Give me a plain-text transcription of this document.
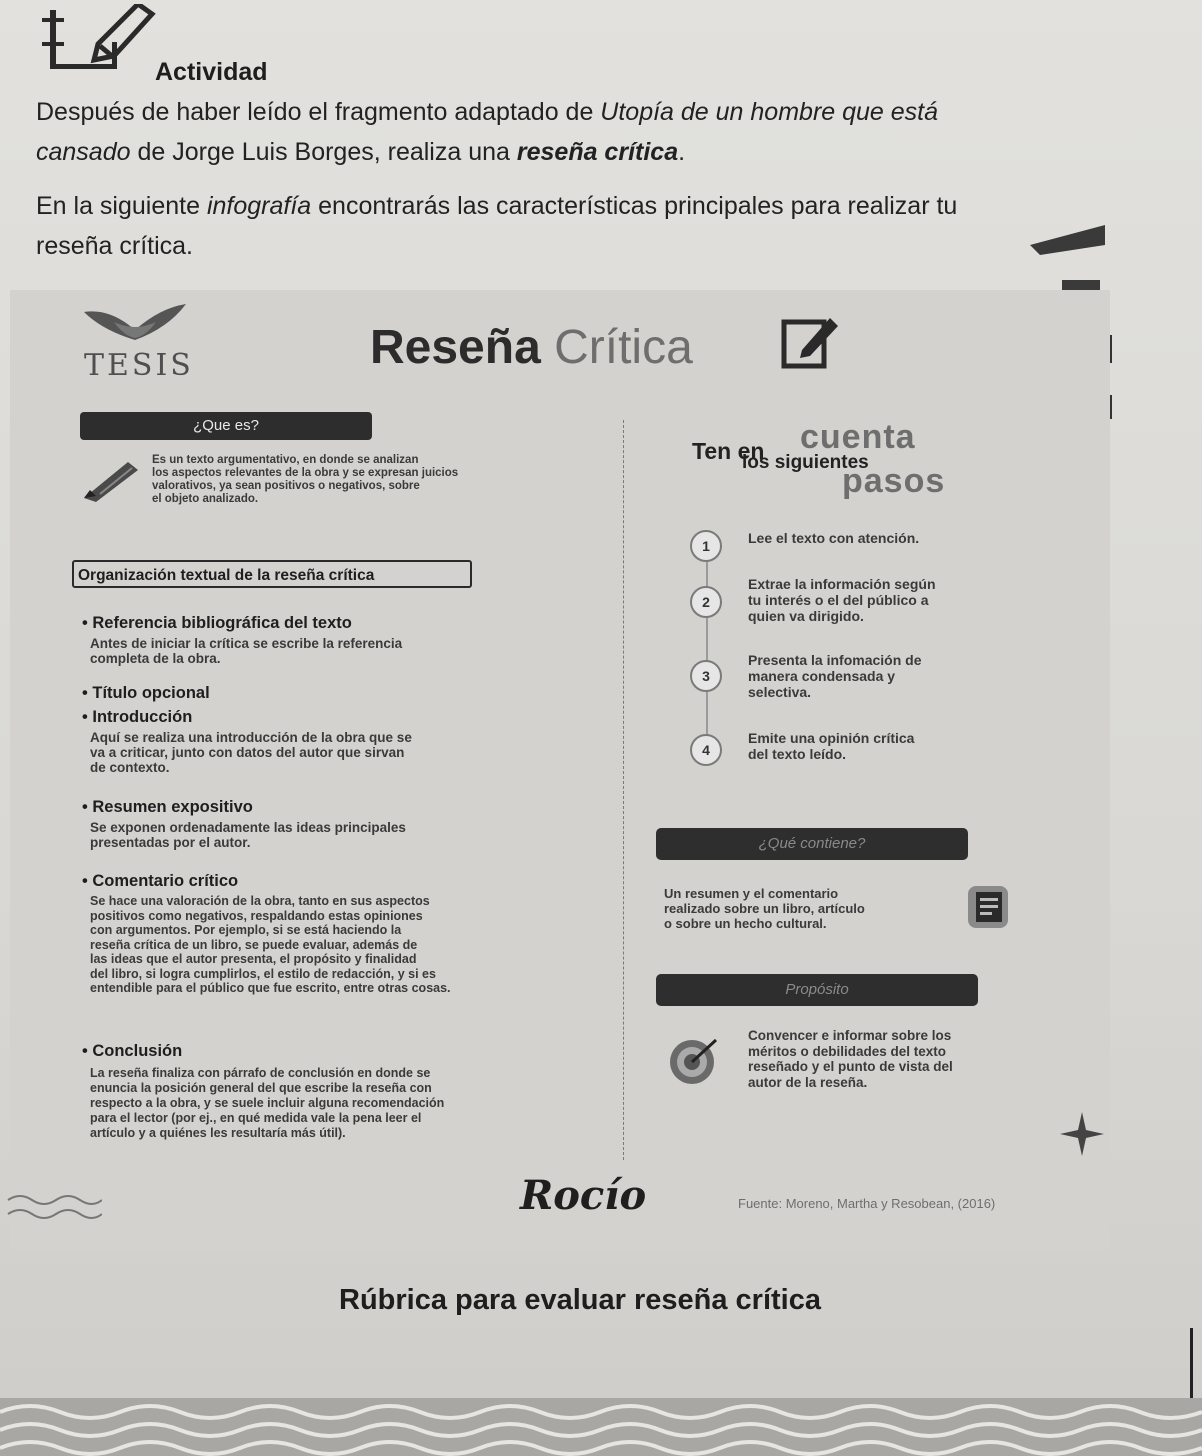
Actividad
Después de haber leído el fragmento adaptado de Utopía de un hombre que está
cansado de Jorge Luis Borges, realiza una reseña crítica.
En la siguiente infografía encontrarás las características principales para realizar tu
reseña crítica.
TESIS	Reseña Crítica
¿Que es?
Es un texto argumentativo, en donde se analizan
los aspectos relevantes de la obra y se expresan juicios
valorativos, ya sean positivos o negativos, sobre
el objeto analizado.
Organización textual de la reseña crítica
• Referencia bibliográfica del texto
Antes de iniciar la crítica se escribe la referencia
completa de la obra.
• Título opcional
• Introducción
Aquí se realiza una introducción de la obra que se
va a criticar, junto con datos del autor que sirvan
de contexto.
• Resumen expositivo
Se exponen ordenadamente las ideas principales
presentadas por el autor.
• Comentario crítico
Se hace una valoración de la obra, tanto en sus aspectos
positivos como negativos, respaldando estas opiniones
con argumentos. Por ejemplo, si se está haciendo la
reseña crítica de un libro, se puede evaluar, además de
las ideas que el autor presenta, el propósito y finalidad
del libro, si logra cumplirlos, el estilo de redacción, y si es
entendible para el público que fue escrito, entre otras cosas.
• Conclusión
La reseña finaliza con párrafo de conclusión en donde se
enuncia la posición general del que escribe la reseña con
respecto a la obra, y se suele incluir alguna recomendación
para el lector (por ej., en qué medida vale la pena leer el
artículo y a quiénes les resultaría más útil).
Ten en cuenta
los siguientes
pasos
1	Lee el texto con atención.
2
Extrae la información según
tu interés o el del público a
quien va dirigido.
3
Presenta la infomación de
manera condensada y
selectiva.
4
Emite una opinión crítica
del texto leído.
¿Qué contiene?
Un resumen y el comentario
realizado sobre un libro, artículo
o sobre un hecho cultural.
Propósito
Convencer e informar sobre los
méritos o debilidades del texto
reseñado y el punto de vista del
autor de la reseña.
Rocío	Fuente: Moreno, Martha y Resobean, (2016)
Rúbrica para evaluar reseña crítica
